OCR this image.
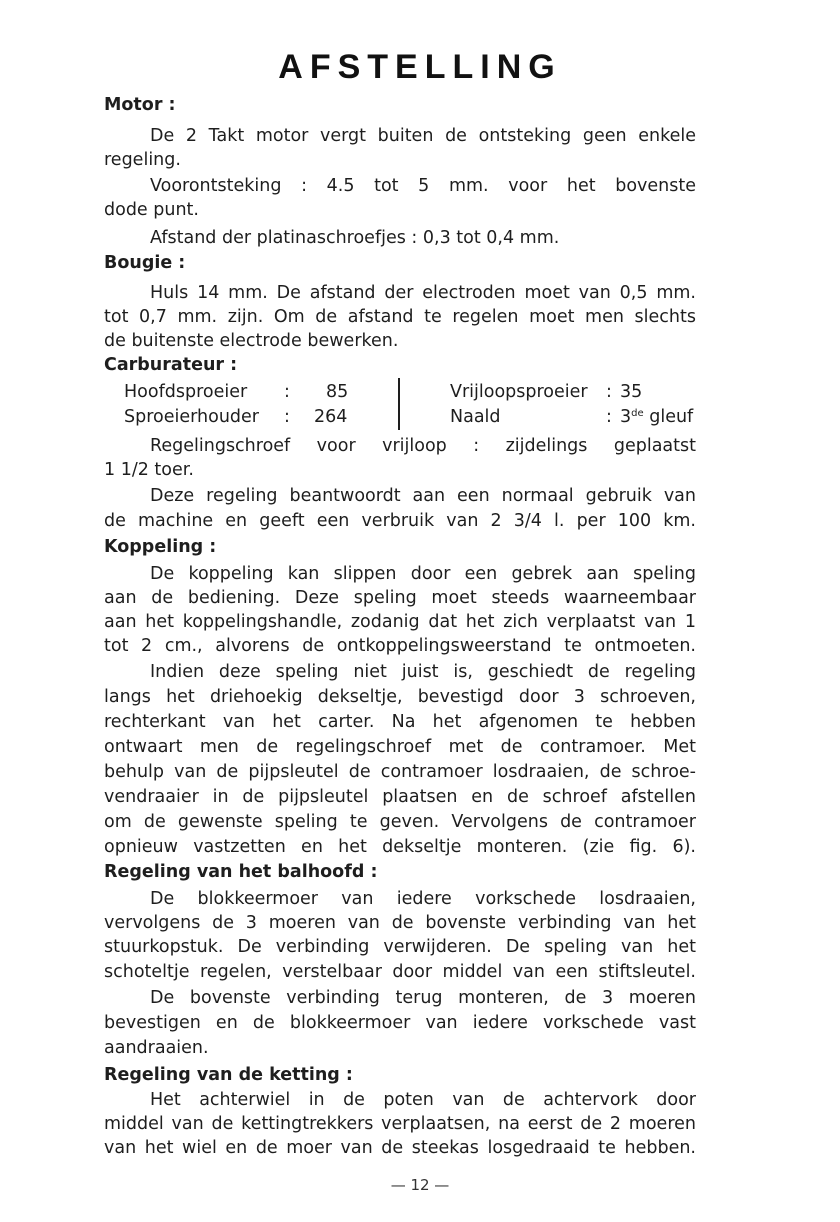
AFSTELLING
Motor :
De 2 Takt motor vergt buiten de ontsteking geen enkele
regeling.
Voorontsteking : 4.5 tot 5 mm. voor het bovenste
dode punt.
Afstand der platinaschroefjes : 0,3 tot 0,4 mm.
Bougie :
Huls 14 mm. De afstand der electroden moet van 0,5 mm.
tot 0,7 mm. zijn. Om de afstand te regelen moet men slechts
de buitenste electrode bewerken.
Carburateur :
Hoofdsproeier : 85	Vrijloopsproeier : 35
Sproeierhouder : 264	Naald	: 3de gleuf
Regelingschroef voor vrijloop : zijdelings geplaatst
1 1/2 toer.
Deze regeling beantwoordt aan een normaal gebruik van
de machine en geeft een verbruik van 2 3/4 l. per 100 km.
Koppeling :
De koppeling kan slippen door een gebrek aan speling
aan de bediening. Deze speling moet steeds waarneembaar
aan het koppelingshandle, zodanig dat het zich verplaatst van 1
tot 2 cm., alvorens de ontkoppelingsweerstand te ontmoeten.
Indien deze speling niet juist is, geschiedt de regeling
langs het driehoekig dekseltje, bevestigd door 3 schroeven,
rechterkant van het carter. Na het afgenomen te hebben
ontwaart men de regelingschroef met de contramoer. Met
behulp van de pijpsleutel de contramoer losdraaien, de schroe-
vendraaier in de pijpsleutel plaatsen en de schroef afstellen
om de gewenste speling te geven. Vervolgens de contramoer
opnieuw vastzetten en het dekseltje monteren. (zie fig. 6).
Regeling van het balhoofd :
De blokkeermoer van iedere vorkschede losdraaien,
vervolgens de 3 moeren van de bovenste verbinding van het
stuurkopstuk. De verbinding verwijderen. De speling van het
schoteltje regelen, verstelbaar door middel van een stiftsleutel.
De bovenste verbinding terug monteren, de 3 moeren
bevestigen en de blokkeermoer van iedere vorkschede vast
aandraaien.
Regeling van de ketting :
Het achterwiel in de poten van de achtervork door
middel van de kettingtrekkers verplaatsen, na eerst de 2 moeren
van het wiel en de moer van de steekas losgedraaid te hebben.
— 12 —
